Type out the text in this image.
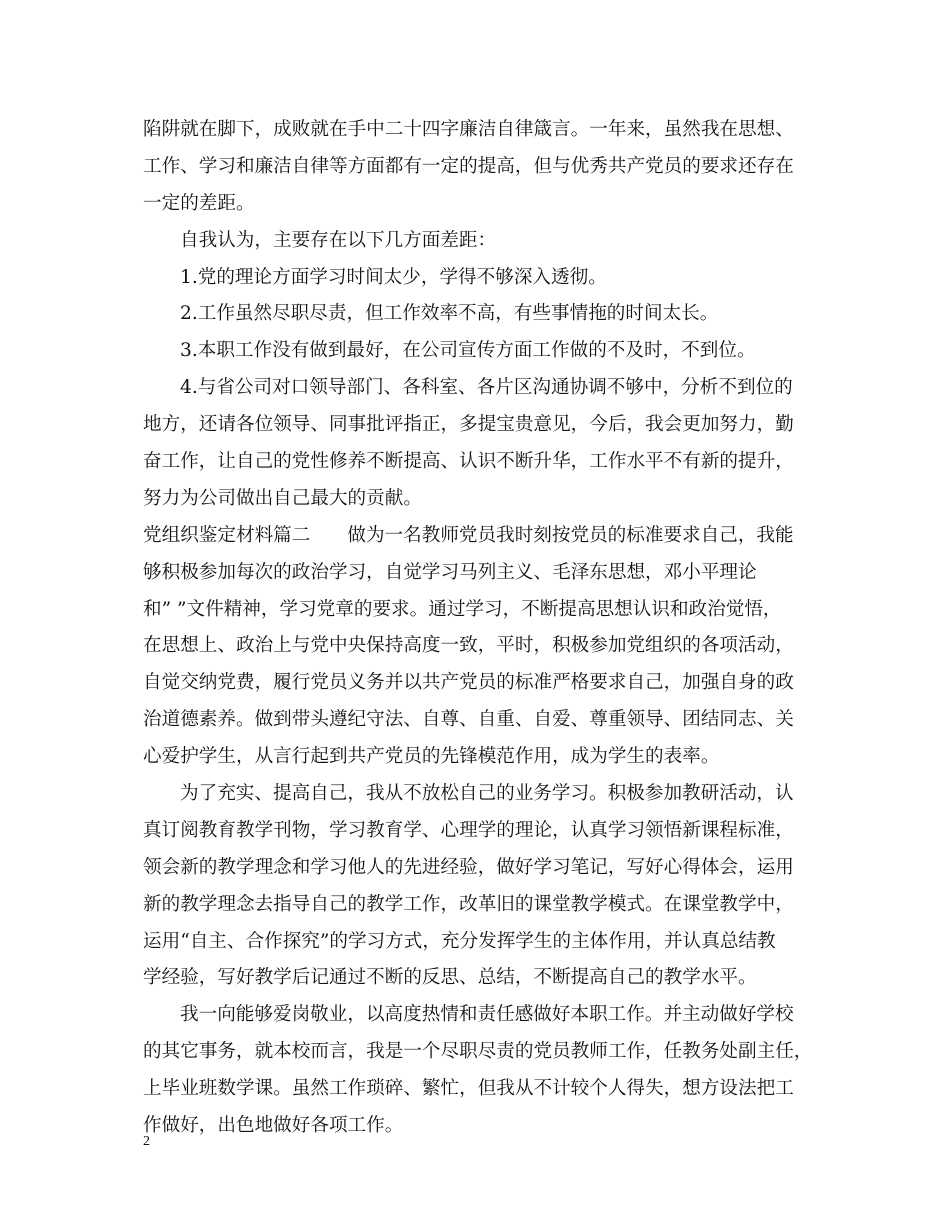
陷阱就在脚下，成败就在手中二十四字廉洁自律箴言。一年来，虽然我在思想、
工作、学习和廉洁自律等方面都有一定的提高，但与优秀共产党员的要求还存在
一定的差距。
自我认为，主要存在以下几方面差距：
1.党的理论方面学习时间太少，学得不够深入透彻。
2.工作虽然尽职尽责，但工作效率不高，有些事情拖的时间太长。
3.本职工作没有做到最好，在公司宣传方面工作做的不及时，不到位。
4.与省公司对口领导部门、各科室、各片区沟通协调不够中，分析不到位的
地方，还请各位领导、同事批评指正，多提宝贵意见，今后，我会更加努力，勤
奋工作，让自己的党性修养不断提高、认识不断升华，工作水平不有新的提升，
努力为公司做出自己最大的贡献。
党组织鉴定材料篇二 做为一名教师党员我时刻按党员的标准要求自己，我能
够积极参加每次的政治学习，自觉学习马列主义、毛泽东思想，邓小平理论
和” ”文件精神，学习党章的要求。通过学习，不断提高思想认识和政治觉悟，
在思想上、政治上与党中央保持高度一致，平时，积极参加党组织的各项活动，
自觉交纳党费，履行党员义务并以共产党员的标准严格要求自己，加强自身的政
治道德素养。做到带头遵纪守法、自尊、自重、自爱、尊重领导、团结同志、关
心爱护学生，从言行起到共产党员的先锋模范作用，成为学生的表率。
为了充实、提高自己，我从不放松自己的业务学习。积极参加教研活动，认
真订阅教育教学刊物，学习教育学、心理学的理论，认真学习领悟新课程标准，
领会新的教学理念和学习他人的先进经验，做好学习笔记，写好心得体会，运用
新的教学理念去指导自己的教学工作，改革旧的课堂教学模式。在课堂教学中，
运用“自主、合作探究”的学习方式，充分发挥学生的主体作用，并认真总结教
学经验，写好教学后记通过不断的反思、总结，不断提高自己的教学水平。
我一向能够爱岗敬业，以高度热情和责任感做好本职工作。并主动做好学校
的其它事务，就本校而言，我是一个尽职尽责的党员教师工作，任教务处副主任，
上毕业班数学课。虽然工作琐碎、繁忙，但我从不计较个人得失，想方设法把工
作做好，出色地做好各项工作。
2
